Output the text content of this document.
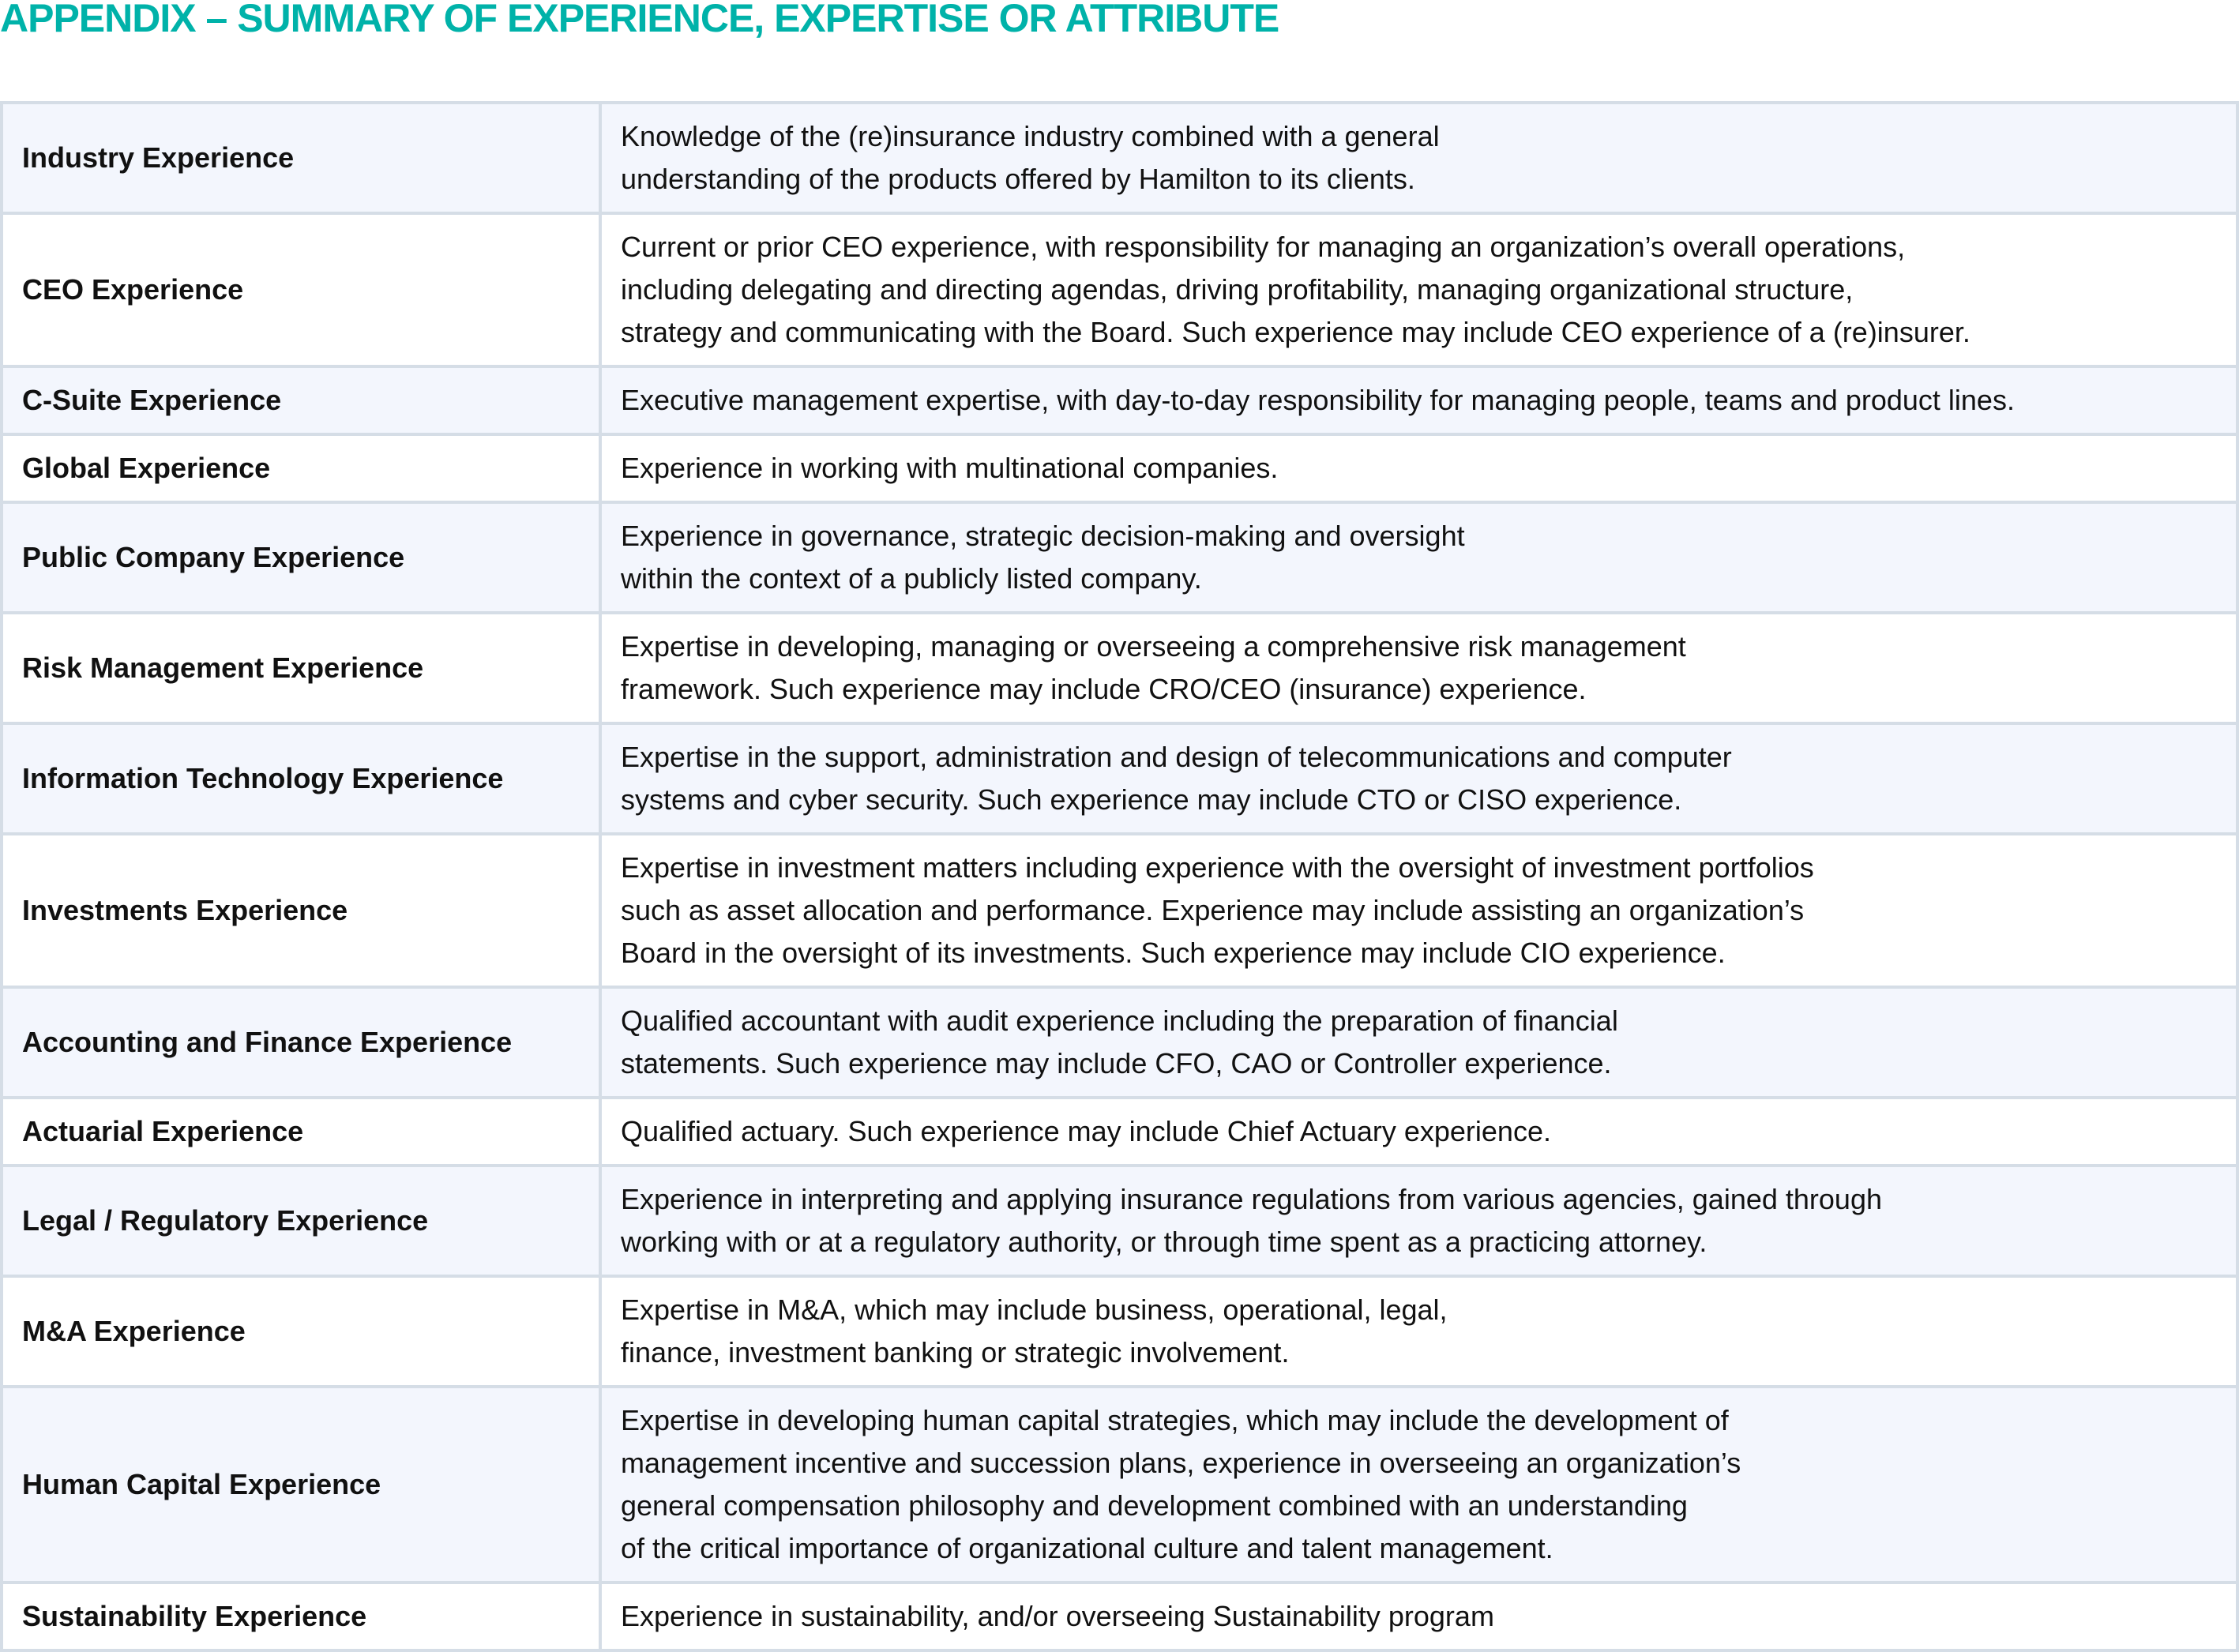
APPENDIX – SUMMARY OF EXPERIENCE, EXPERTISE OR ATTRIBUTE
Industry Experience	Knowledge of the (re)insurance industry combined with a general
understanding of the products offered by Hamilton to its clients.

CEO Experience	Current or prior CEO experience, with responsibility for managing an organization’s overall operations,
including delegating and directing agendas, driving profitability, managing organizational structure,
strategy and communicating with the Board. Such experience may include CEO experience of a (re)insurer.

C-Suite Experience	Executive management expertise, with day-to-day responsibility for managing people, teams and product lines.

Global Experience	Experience in working with multinational companies.

Public Company Experience	Experience in governance, strategic decision-making and oversight
within the context of a publicly listed company.

Risk Management Experience	Expertise in developing, managing or overseeing a comprehensive risk management
framework. Such experience may include CRO/CEO (insurance) experience.

Information Technology Experience	Expertise in the support, administration and design of telecommunications and computer
systems and cyber security. Such experience may include CTO or CISO experience.

Investments Experience	Expertise in investment matters including experience with the oversight of investment portfolios
such as asset allocation and performance. Experience may include assisting an organization’s
Board in the oversight of its investments. Such experience may include CIO experience.

Accounting and Finance Experience	Qualified accountant with audit experience including the preparation of financial
statements. Such experience may include CFO, CAO or Controller experience.

Actuarial Experience	Qualified actuary. Such experience may include Chief Actuary experience.

Legal / Regulatory Experience	Experience in interpreting and applying insurance regulations from various agencies, gained through
working with or at a regulatory authority, or through time spent as a practicing attorney.

M&A Experience	Expertise in M&A, which may include business, operational, legal,
finance, investment banking or strategic involvement.

Human Capital Experience	Expertise in developing human capital strategies, which may include the development of
management incentive and succession plans, experience in overseeing an organization’s
general compensation philosophy and development combined with an understanding
of the critical importance of organizational culture and talent management.

Sustainability Experience	Experience in sustainability, and/or overseeing Sustainability program
